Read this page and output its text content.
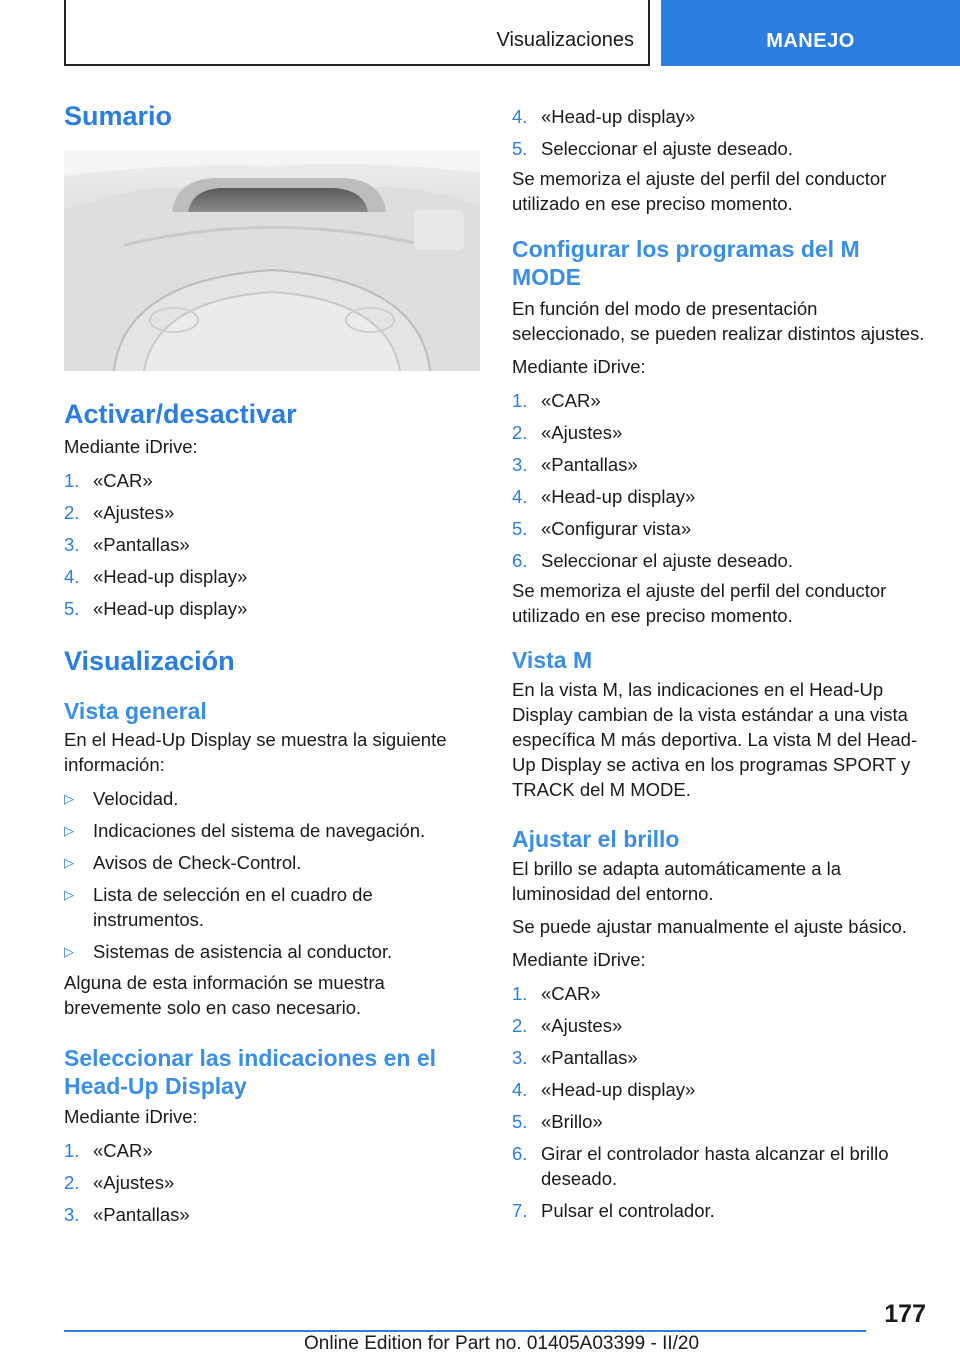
Visualizaciones	MANEJO
Sumario
Activar/desactivar

Mediante iDrive:

1. «CAR»
2. «Ajustes»
3. «Pantallas»
4. «Head-up display»
5. «Head-up display»
Visualización
Vista general

En el Head-Up Display se muestra la siguiente información:

▷	Velocidad.
▷	Indicaciones del sistema de navegación.
▷	Avisos de Check-Control.
▷	Lista de selección en el cuadro de instrumentos.
▷	Sistemas de asistencia al conductor.

Alguna de esta información se muestra brevemente solo en caso necesario.

Seleccionar las indicaciones en el Head-Up Display

Mediante iDrive:

1. «CAR»
2. «Ajustes»
3. «Pantallas»
4. «Head-up display»
5. Seleccionar el ajuste deseado.

Se memoriza el ajuste del perfil del conductor utilizado en ese preciso momento.

Configurar los programas del M MODE

En función del modo de presentación seleccionado, se pueden realizar distintos ajustes.

Mediante iDrive:

1. «CAR»
2. «Ajustes»
3. «Pantallas»
4. «Head-up display»
5. «Configurar vista»
6. Seleccionar el ajuste deseado.

Se memoriza el ajuste del perfil del conductor utilizado en ese preciso momento.

Vista M

En la vista M, las indicaciones en el Head-Up Display cambian de la vista estándar a una vista específica M más deportiva. La vista M del Head-Up Display se activa en los programas SPORT y TRACK del M MODE.

Ajustar el brillo

El brillo se adapta automáticamente a la luminosidad del entorno.

Se puede ajustar manualmente el ajuste básico.

Mediante iDrive:

1. «CAR»
2. «Ajustes»
3. «Pantallas»
4. «Head-up display»
5. «Brillo»
6. Girar el controlador hasta alcanzar el brillo deseado.
7. Pulsar el controlador.
177
Online Edition for Part no. 01405A03399 - II/20
